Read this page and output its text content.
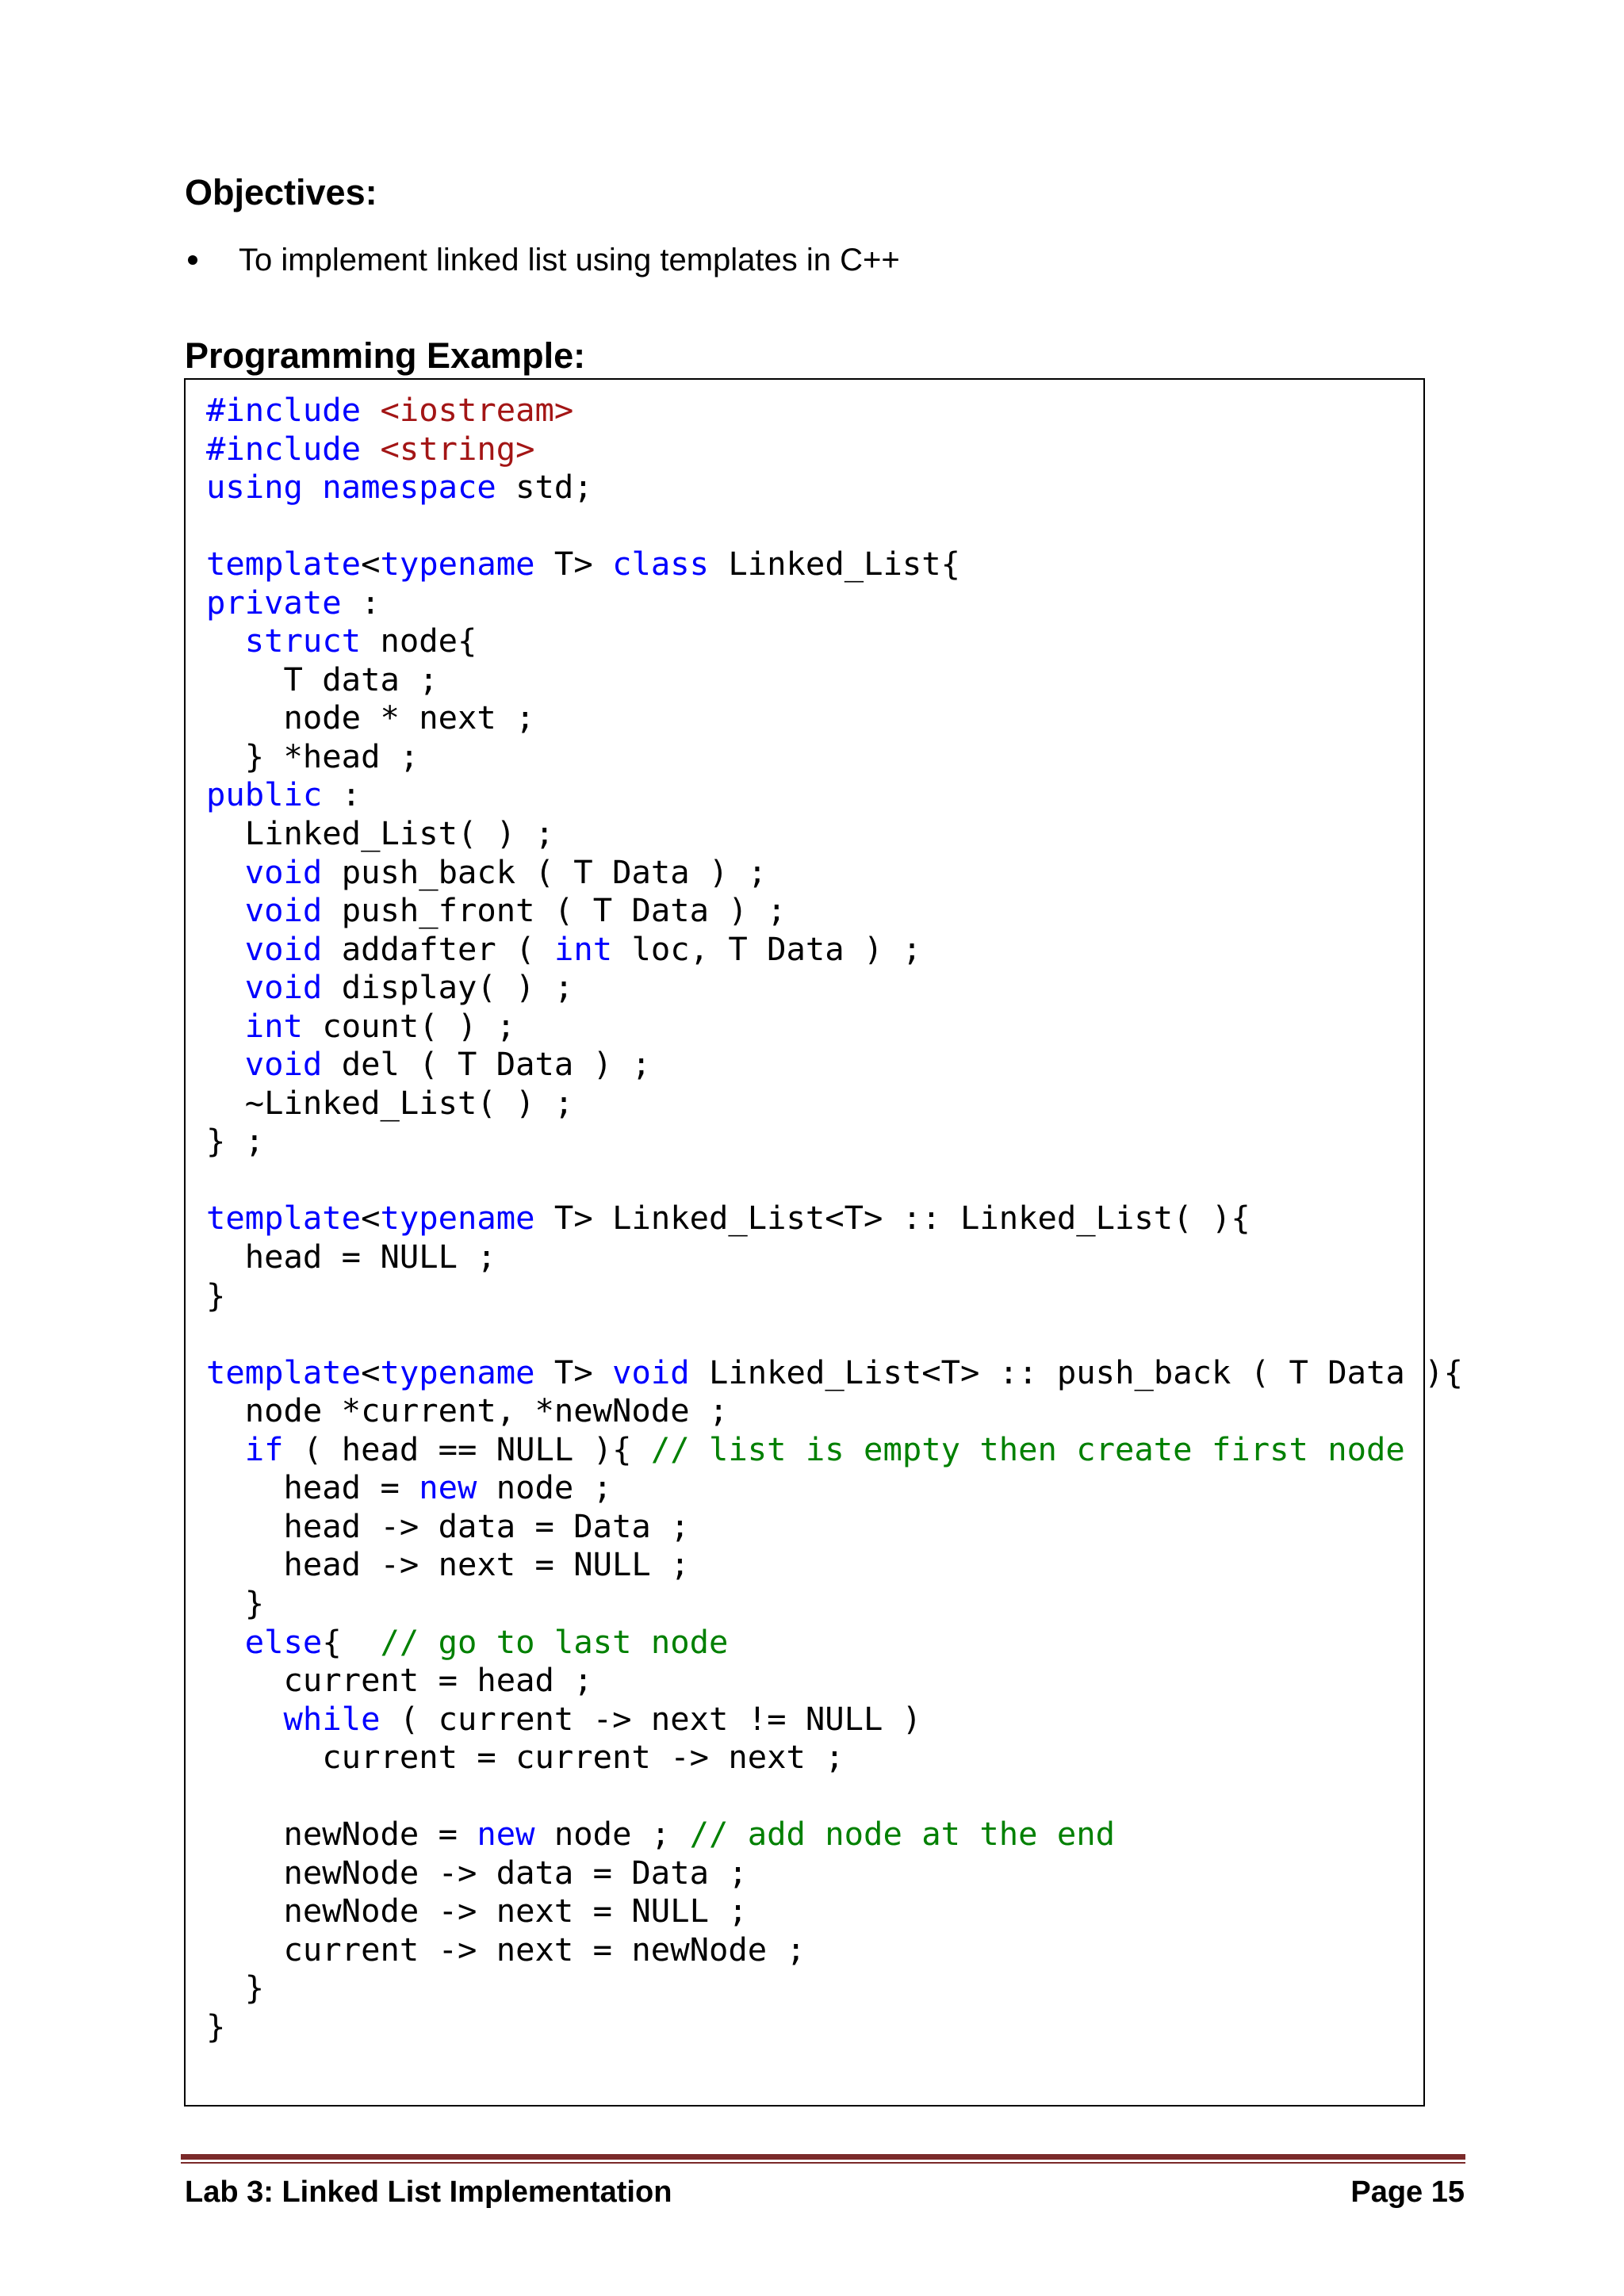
Objectives:
To implement linked list using templates in C++
Programming Example:
#include <iostream>
#include <string>
using namespace std;
template<typename T> class Linked_List{
private :
struct node{
T data ;
node * next ;
} *head ;
public :
Linked_List( ) ;
void push_back ( T Data ) ;
void push_front ( T Data ) ;
void addafter ( int loc, T Data ) ;
void display( ) ;
int count( ) ;
void del ( T Data ) ;
~Linked_List( ) ;
} ;
template<typename T> Linked_List<T> :: Linked_List( ){
head = NULL ;
}
template<typename T> void Linked_List<T> :: push_back ( T Data ){
node *current, *newNode ;
if ( head == NULL ){ // list is empty then create first node
head = new node ;
head -> data = Data ;
head -> next = NULL ;
}
else{  // go to last node
current = head ;
while ( current -> next != NULL )
current = current -> next ;
newNode = new node ; // add node at the end
newNode -> data = Data ;
newNode -> next = NULL ;
current -> next = newNode ;
}
}
Lab 3: Linked List Implementation	Page 15
